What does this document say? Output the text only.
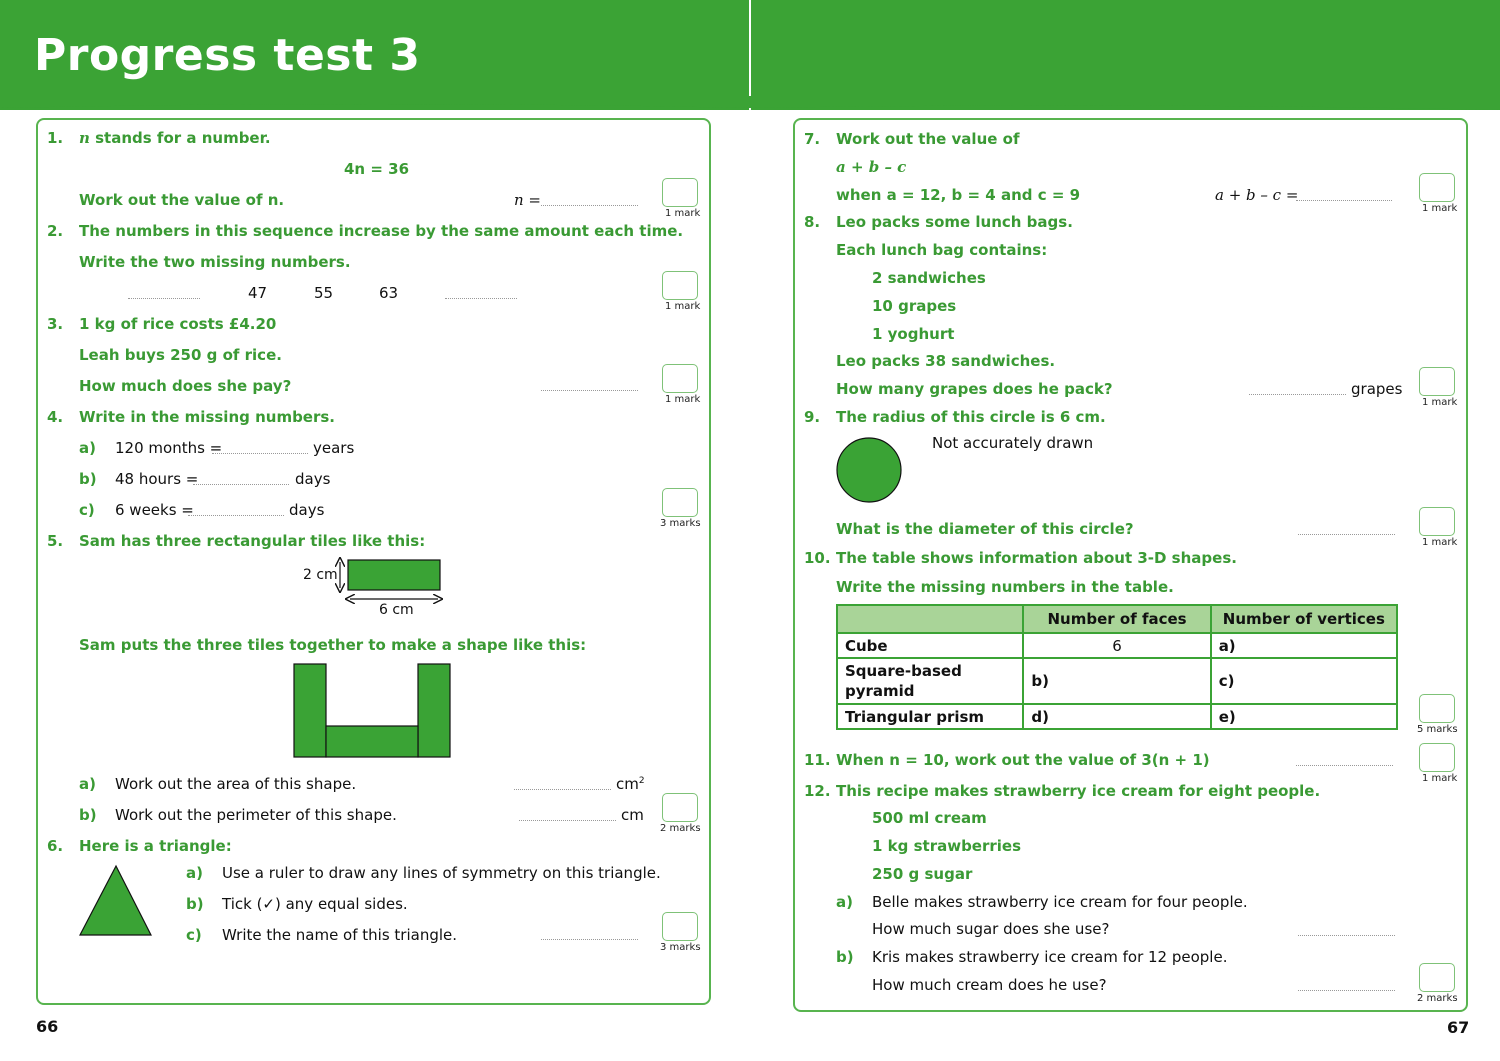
Progress test 3
1. n stands for a number.
4n = 36
Work out the value of n.	n =
1 mark
2. The numbers in this sequence increase by the same amount each time.
Write the two missing numbers.
47	55	63
1 mark
3. 1 kg of rice costs £4.20
Leah buys 250 g of rice.
How much does she pay?
1 mark
4. Write in the missing numbers.
a) 120 months =	years
b) 48 hours =	days
c) 6 weeks =	days
3 marks
5. Sam has three rectangular tiles like this:
2 cm
6 cm
Sam puts the three tiles together to make a shape like this:
a) Work out the area of this shape.	$cm^2$
b) Work out the perimeter of this shape.	cm
2 marks
6. Here is a triangle:
a) Use a ruler to draw any lines of symmetry on this triangle.
b) Tick (✓) any equal sides.
c) Write the name of this triangle.
3 marks
66
7. Work out the value of
a + b – c
when a = 12, b = 4 and c = 9	a + b – c =
1 mark
8. Leo packs some lunch bags.
Each lunch bag contains:
2 sandwiches
10 grapes
1 yoghurt
Leo packs 38 sandwiches.
How many grapes does he pack?	grapes
1 mark
9. The radius of this circle is 6 cm.
Not accurately drawn
What is the diameter of this circle?
1 mark
10. The table shows information about 3-D shapes.
Write the missing numbers in the table.
	Number of faces	Number of vertices
Cube	6	a)
Square-based pyramid	b)	c)
Triangular prism	d)	e)
5 marks
11. When n = 10, work out the value of 3(n + 1)
1 mark
12. This recipe makes strawberry ice cream for eight people.
500 ml cream
1 kg strawberries
250 g sugar
a) Belle makes strawberry ice cream for four people.
How much sugar does she use?
b) Kris makes strawberry ice cream for 12 people.
How much cream does he use?
2 marks
67
